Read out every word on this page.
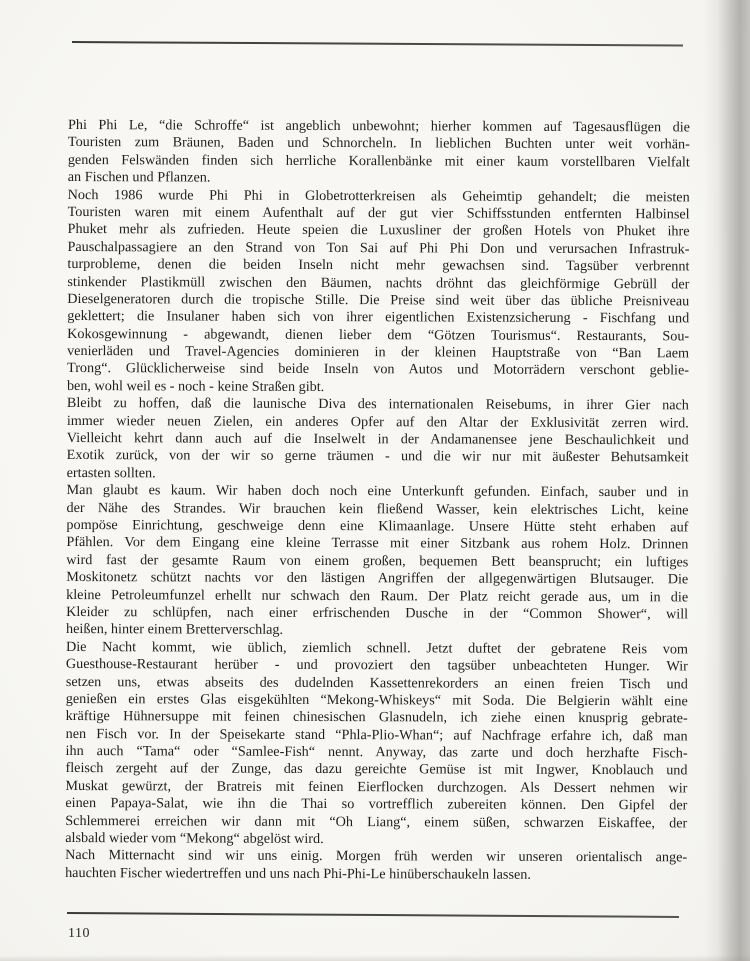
Phi Phi Le, “die Schroffe“ ist angeblich unbewohnt; hierher kommen auf Tagesausflügen die
Touristen zum Bräunen, Baden und Schnorcheln. In lieblichen Buchten unter weit vorhän-
genden Felswänden finden sich herrliche Korallenbänke mit einer kaum vorstellbaren Vielfalt
an Fischen und Pflanzen.
Noch 1986 wurde Phi Phi in Globetrotterkreisen als Geheimtip gehandelt; die meisten
Touristen waren mit einem Aufenthalt auf der gut vier Schiffsstunden entfernten Halbinsel
Phuket mehr als zufrieden. Heute speien die Luxusliner der großen Hotels von Phuket ihre
Pauschalpassagiere an den Strand von Ton Sai auf Phi Phi Don und verursachen Infrastruk-
turprobleme, denen die beiden Inseln nicht mehr gewachsen sind. Tagsüber verbrennt
stinkender Plastikmüll zwischen den Bäumen, nachts dröhnt das gleichförmige Gebrüll der
Dieselgeneratoren durch die tropische Stille. Die Preise sind weit über das übliche Preisniveau
geklettert; die Insulaner haben sich von ihrer eigentlichen Existenzsicherung - Fischfang und
Kokosgewinnung - abgewandt, dienen lieber dem “Götzen Tourismus“. Restaurants, Sou-
venierläden und Travel-Agencies dominieren in der kleinen Hauptstraße von “Ban Laem
Trong“. Glücklicherweise sind beide Inseln von Autos und Motorrädern verschont geblie-
ben, wohl weil es - noch - keine Straßen gibt.
Bleibt zu hoffen, daß die launische Diva des internationalen Reisebums, in ihrer Gier nach
immer wieder neuen Zielen, ein anderes Opfer auf den Altar der Exklusivität zerren wird.
Vielleicht kehrt dann auch auf die Inselwelt in der Andamanensee jene Beschaulichkeit und
Exotik zurück, von der wir so gerne träumen - und die wir nur mit äußester Behutsamkeit
ertasten sollten.
Man glaubt es kaum. Wir haben doch noch eine Unterkunft gefunden. Einfach, sauber und in
der Nähe des Strandes. Wir brauchen kein fließend Wasser, kein elektrisches Licht, keine
pompöse Einrichtung, geschweige denn eine Klimaanlage. Unsere Hütte steht erhaben auf
Pfählen. Vor dem Eingang eine kleine Terrasse mit einer Sitzbank aus rohem Holz. Drinnen
wird fast der gesamte Raum von einem großen, bequemen Bett beansprucht; ein luftiges
Moskitonetz schützt nachts vor den lästigen Angriffen der allgegenwärtigen Blutsauger. Die
kleine Petroleumfunzel erhellt nur schwach den Raum. Der Platz reicht gerade aus, um in die
Kleider zu schlüpfen, nach einer erfrischenden Dusche in der “Common Shower“, will
heißen, hinter einem Bretterverschlag.
Die Nacht kommt, wie üblich, ziemlich schnell. Jetzt duftet der gebratene Reis vom
Guesthouse-Restaurant herüber - und provoziert den tagsüber unbeachteten Hunger. Wir
setzen uns, etwas abseits des dudelnden Kassettenrekorders an einen freien Tisch und
genießen ein erstes Glas eisgekühlten “Mekong-Whiskeys“ mit Soda. Die Belgierin wählt eine
kräftige Hühnersuppe mit feinen chinesischen Glasnudeln, ich ziehe einen knusprig gebrate-
nen Fisch vor. In der Speisekarte stand “Phla-Plio-Whan“; auf Nachfrage erfahre ich, daß man
ihn auch “Tama“ oder “Samlee-Fish“ nennt. Anyway, das zarte und doch herzhafte Fisch-
fleisch zergeht auf der Zunge, das dazu gereichte Gemüse ist mit Ingwer, Knoblauch und
Muskat gewürzt, der Bratreis mit feinen Eierflocken durchzogen. Als Dessert nehmen wir
einen Papaya-Salat, wie ihn die Thai so vortrefflich zubereiten können. Den Gipfel der
Schlemmerei erreichen wir dann mit “Oh Liang“, einem süßen, schwarzen Eiskaffee, der
alsbald wieder vom “Mekong“ abgelöst wird.
Nach Mitternacht sind wir uns einig. Morgen früh werden wir unseren orientalisch ange-
hauchten Fischer wiedertreffen und uns nach Phi-Phi-Le hinüberschaukeln lassen.
110
